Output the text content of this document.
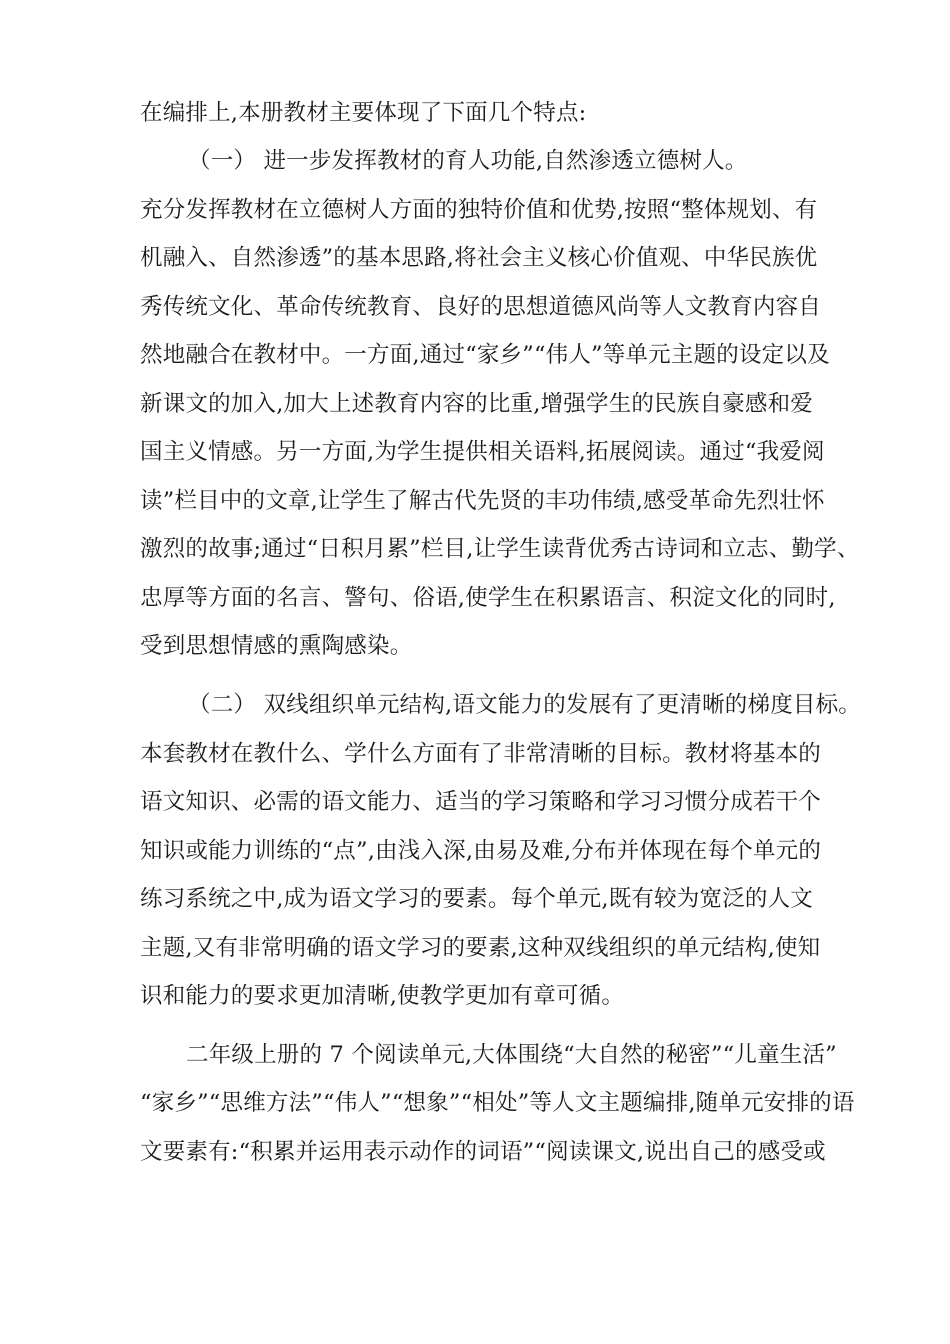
在编排上,本册教材主要体现了下面几个特点:
（一） 进一步发挥教材的育人功能,自然渗透立德树人。
充分发挥教材在立德树人方面的独特价值和优势,按照“整体规划、有
机融入、自然渗透”的基本思路,将社会主义核心价值观、中华民族优
秀传统文化、革命传统教育、良好的思想道德风尚等人文教育内容自
然地融合在教材中。一方面,通过“家乡”“伟人”等单元主题的设定以及
新课文的加入,加大上述教育内容的比重,增强学生的民族自豪感和爱
国主义情感。另一方面,为学生提供相关语料,拓展阅读。通过“我爱阅
读”栏目中的文章,让学生了解古代先贤的丰功伟绩,感受革命先烈壮怀
激烈的故事;通过“日积月累”栏目,让学生读背优秀古诗词和立志、勤学、
忠厚等方面的名言、警句、俗语,使学生在积累语言、积淀文化的同时,
受到思想情感的熏陶感染。
（二） 双线组织单元结构,语文能力的发展有了更清晰的梯度目标。
本套教材在教什么、学什么方面有了非常清晰的目标。教材将基本的
语文知识、必需的语文能力、适当的学习策略和学习习惯分成若干个
知识或能力训练的“点”,由浅入深,由易及难,分布并体现在每个单元的
练习系统之中,成为语文学习的要素。每个单元,既有较为宽泛的人文
主题,又有非常明确的语文学习的要素,这种双线组织的单元结构,使知
识和能力的要求更加清晰,使教学更加有章可循。
二年级上册的 7 个阅读单元,大体围绕“大自然的秘密”“儿童生活”
“家乡”“思维方法”“伟人”“想象”“相处”等人文主题编排,随单元安排的语
文要素有:“积累并运用表示动作的词语”“阅读课文,说出自己的感受或
